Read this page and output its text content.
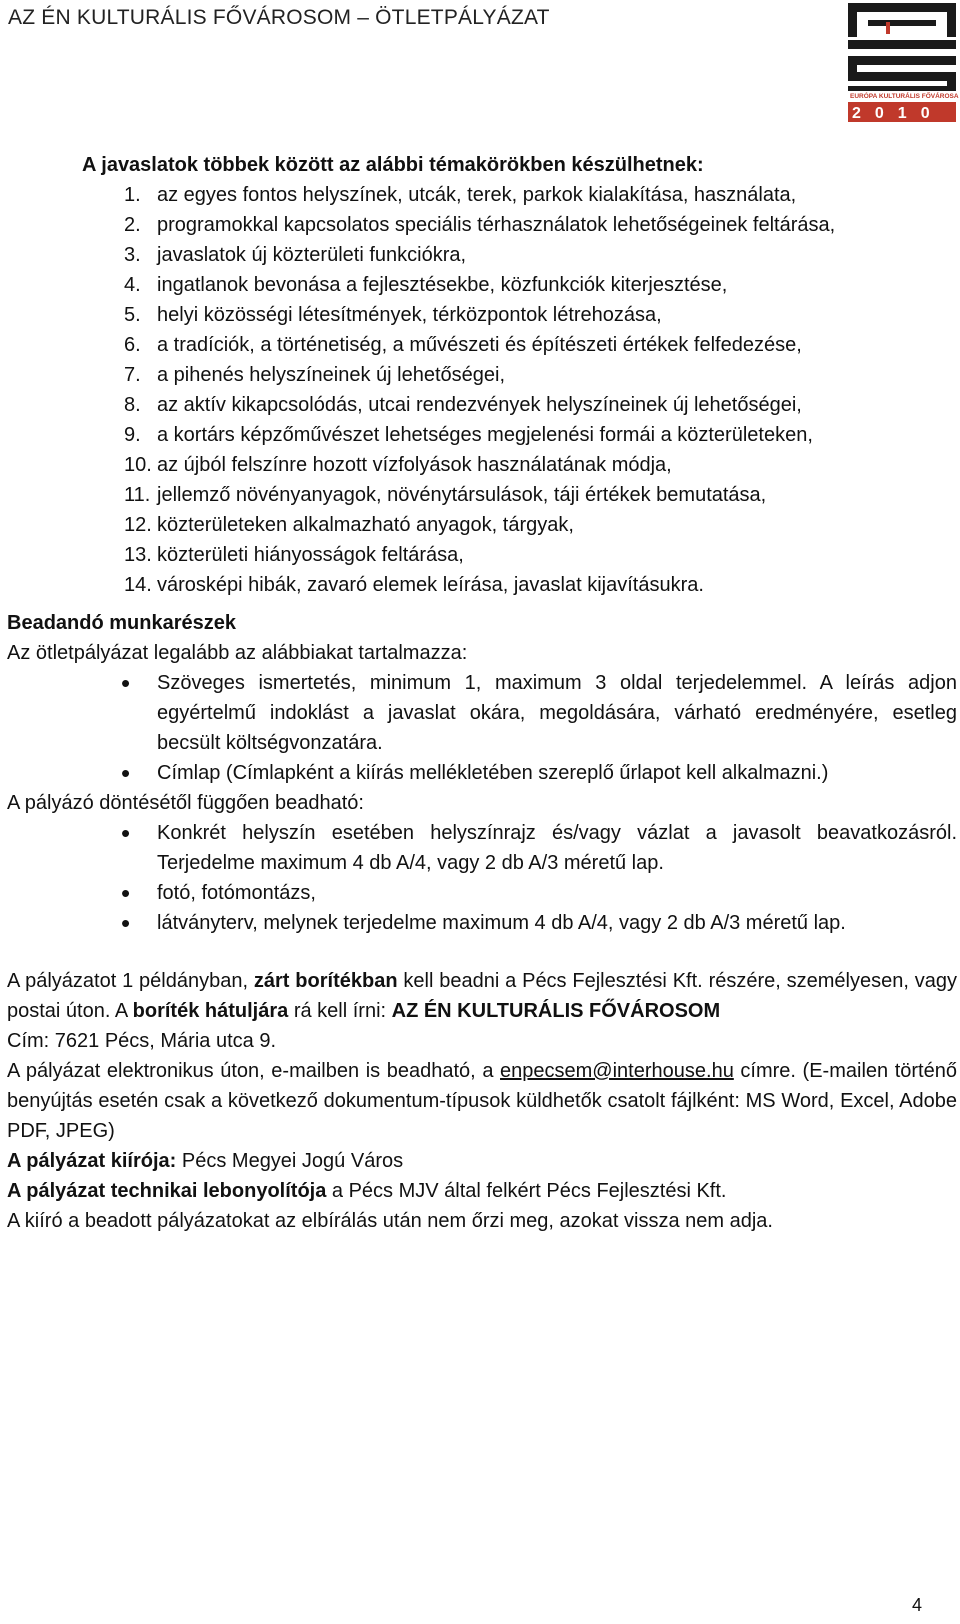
AZ ÉN KULTURÁLIS FŐVÁROSOM – ÖTLETPÁLYÁZAT
EURÓPA KULTURÁLIS FŐVÁROSA
2010
A javaslatok többek között az alábbi témakörökben készülhetnek:
1. az egyes fontos helyszínek, utcák, terek, parkok kialakítása, használata,
2. programokkal kapcsolatos speciális térhasználatok lehetőségeinek feltárása,
3. javaslatok új közterületi funkciókra,
4. ingatlanok bevonása a fejlesztésekbe, közfunkciók kiterjesztése,
5. helyi közösségi létesítmények, térközpontok létrehozása,
6. a tradíciók, a történetiség, a művészeti és építészeti értékek felfedezése,
7. a pihenés helyszíneinek új lehetőségei,
8. az aktív kikapcsolódás, utcai rendezvények helyszíneinek új lehetőségei,
9. a kortárs képzőművészet lehetséges megjelenési formái a közterületeken,
10. az újból felszínre hozott vízfolyások használatának módja,
11. jellemző növényanyagok, növénytársulások, táji értékek bemutatása,
12. közterületeken alkalmazható anyagok, tárgyak,
13. közterületi hiányosságok feltárása,
14. városképi hibák, zavaró elemek leírása, javaslat kijavításukra.
Beadandó munkarészek

Az ötletpályázat legalább az alábbiakat tartalmazza:

• Szöveges ismertetés, minimum 1, maximum 3 oldal terjedelemmel. A leírás adjon egyértelmű indoklást a javaslat okára, megoldására, várható eredményére, esetleg becsült költségvonzatára.
• Címlap (Címlapként a kiírás mellékletében szereplő űrlapot kell alkalmazni.)

A pályázó döntésétől függően beadható:

• Konkrét helyszín esetében helyszínrajz és/vagy vázlat a javasolt beavatkozásról. Terjedelme maximum 4 db A/4, vagy 2 db A/3 méretű lap.
• fotó, fotómontázs,
• látványterv, melynek terjedelme maximum 4 db A/4, vagy 2 db A/3 méretű lap.

A pályázatot 1 példányban, zárt borítékban kell beadni a Pécs Fejlesztési Kft. részére, személyesen, vagy postai úton. A boríték hátuljára rá kell írni: AZ ÉN KULTURÁLIS FŐVÁROSOM

Cím: 7621 Pécs, Mária utca 9.

A pályázat elektronikus úton, e-mailben is beadható, a enpecsem@interhouse.hu címre. (E-mailen történő benyújtás esetén csak a következő dokumentum-típusok küldhetők csatolt fájlként: MS Word, Excel, Adobe PDF, JPEG)

A pályázat kiírója: Pécs Megyei Jogú Város

A pályázat technikai lebonyolítója a Pécs MJV által felkért Pécs Fejlesztési Kft.

A kiíró a beadott pályázatokat az elbírálás után nem őrzi meg, azokat vissza nem adja.

4
